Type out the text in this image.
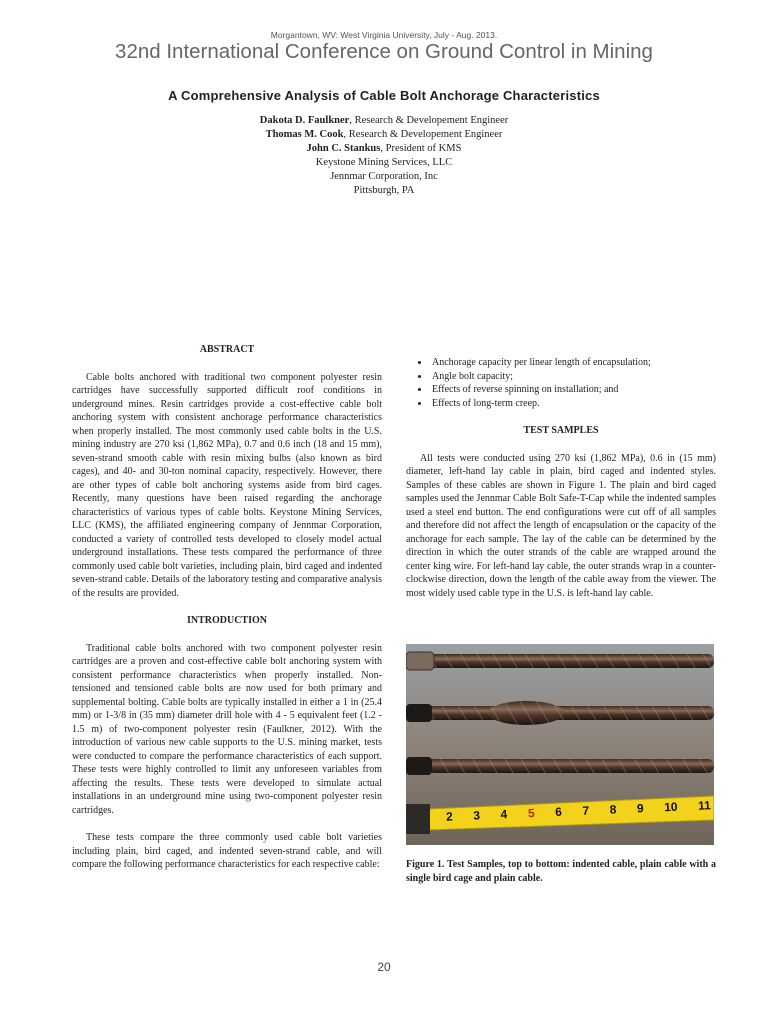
Morgantown, WV: West Virginia University, July - Aug. 2013.
32nd International Conference on Ground Control in Mining
A Comprehensive Analysis of Cable Bolt Anchorage Characteristics
Dakota D. Faulkner, Research & Developement Engineer
Thomas M. Cook, Research & Developement Engineer
John C. Stankus, President of KMS
Keystone Mining Services, LLC
Jennmar Corporation, Inc
Pittsburgh, PA
ABSTRACT

Cable bolts anchored with traditional two component polyester resin cartridges have successfully supported difficult roof conditions in underground mines. Resin cartridges provide a cost-effective cable bolt anchoring system with consistent anchorage performance characteristics when properly installed. The most commonly used cable bolts in the U.S. mining industry are 270 ksi (1,862 MPa), 0.7 and 0.6 inch (18 and 15 mm), seven-strand smooth cable with resin mixing bulbs (also known as bird cages), and 40- and 30-ton nominal capacity, respectively. However, there are other types of cable bolt anchoring systems aside from bird cages. Recently, many questions have been raised regarding the anchorage characteristics of various types of cable bolts. Keystone Mining Services, LLC (KMS), the affiliated engineering company of Jennmar Corporation, conducted a variety of controlled tests developed to closely model actual underground installations. These tests compared the performance of three commonly used cable bolt varieties, including plain, bird caged and indented seven-strand cable. Details of the laboratory testing and comparative analysis of the results are provided.

INTRODUCTION

Traditional cable bolts anchored with two component polyester resin cartridges are a proven and cost-effective cable bolt anchoring system with consistent performance characteristics when properly installed. Non-tensioned and tensioned cable bolts are now used for both primary and supplemental bolting. Cable bolts are typically installed in either a 1 in (25.4 mm) or 1-3/8 in (35 mm) diameter drill hole with 4 - 5 equivalent feet (1.2 - 1.5 m) of two-component polyester resin (Faulkner, 2012). With the introduction of various new cable supports to the U.S. mining market, tests were conducted to compare the performance characteristics of each support. These tests were highly controlled to limit any unforeseen variables from affecting the results. These tests were developed to simulate actual installations in an underground mine using two-component polyester resin cartridges.

These tests compare the three commonly used cable bolt varieties including plain, bird caged, and indented seven-strand cable, and will compare the following performance characteristics for each respective cable:

• Anchorage capacity per linear length of encapsulation;
• Angle bolt capacity;
• Effects of reverse spinning on installation; and
• Effects of long-term creep.
TEST SAMPLES

All tests were conducted using 270 ksi (1,862 MPa), 0.6 in (15 mm) diameter, left-hand lay cable in plain, bird caged and indented styles. Samples of these cables are shown in Figure 1. The plain and bird caged samples used the Jennmar Cable Bolt Safe-T-Cap while the indented samples used a steel end button. The end configurations were cut off of all samples and therefore did not affect the length of encapsulation or the capacity of the anchorage for each sample. The lay of the cable can be determined by the direction in which the outer strands of the cable are wrapped around the center king wire. For left-hand lay cable, the outer strands wrap in a counter-clockwise direction, down the length of the cable away from the viewer. The most widely used cable type in the U.S. is left-hand lay cable.

2 3 4 5 6 7 8 9 10 11
Figure 1. Test Samples, top to bottom: indented cable, plain cable with a single bird cage and plain cable.
20
